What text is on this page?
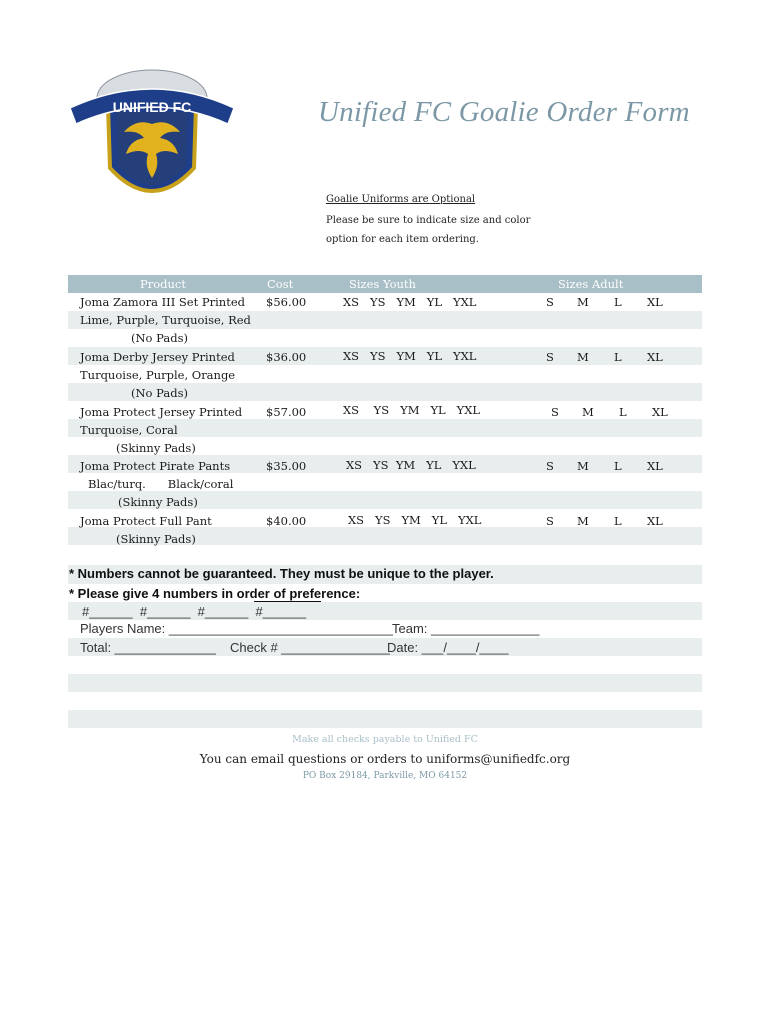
UNIFIED FC	Unified FC Goalie Order Form
Goalie Uniforms are Optional
Please be sure to indicate size and color
option for each item ordering.
Product	Cost	Sizes Youth	Sizes Adult
Joma Zamora III Set Printed
Lime, Purple, Turquoise, Red
(No Pads)
$56.00	XS   YS   YM   YL   YXL	S M L XL
Joma Derby Jersey Printed
Turquoise, Purple, Orange
(No Pads)
$36.00	XS   YS   YM   YL   YXL	S M L XL
Joma Protect Jersey Printed
Turquoise, Coral
(Skinny Pads)
$57.00	XS    YS   YM   YL   YXL	S M L XL
Joma Protect Pirate Pants
Blac/turq.      Black/coral
(Skinny Pads)
$35.00	XS   YS  YM   YL   YXL	S M L XL
Joma Protect Full Pant
(Skinny Pads)
$40.00	XS   YS   YM   YL   YXL	S M L XL
* Numbers cannot be guaranteed. They must be unique to the player.
* Please give 4 numbers in order of preference:
#______  #______  #______  #______
Players Name: _______________________________ Team: _______________
Total: ______________ Check # _______________
Date: ___/____/____
Make all checks payable to Unified FC
You can email questions or orders to uniforms@unifiedfc.org
PO Box 29184, Parkville, MO 64152
